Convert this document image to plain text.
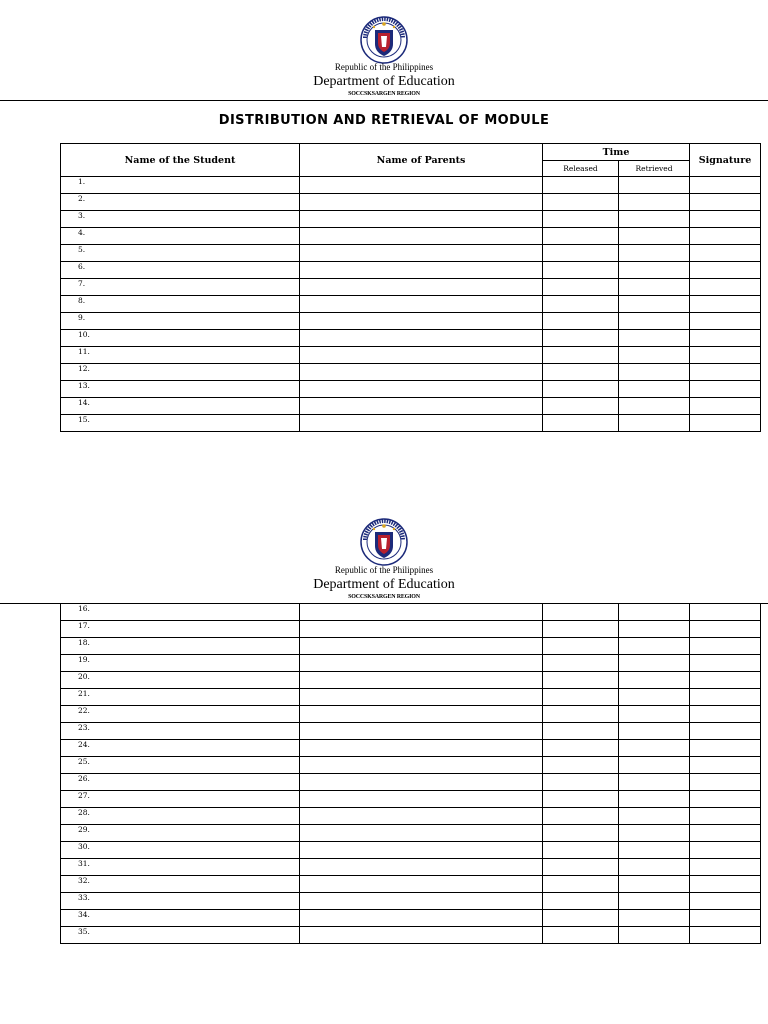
Republic of the Philippines
Department of Education
SOCCSKSARGEN REGION
DISTRIBUTION AND RETRIEVAL OF MODULE
Name of the Student	Name of Parents	Time		Signature
		Released	Retrieved	
1.				
2.				
3.				
4.				
5.				
6.				
7.				
8.				
9.				
10.				
11.				
12.				
13.				
14.				
15.				
Republic of the Philippines
Department of Education
SOCCSKSARGEN REGION
16.				
17.				
18.				
19.				
20.				
21.				
22.				
23.				
24.				
25.				
26.				
27.				
28.				
29.				
30.				
31.				
32.				
33.				
34.				
35.				
